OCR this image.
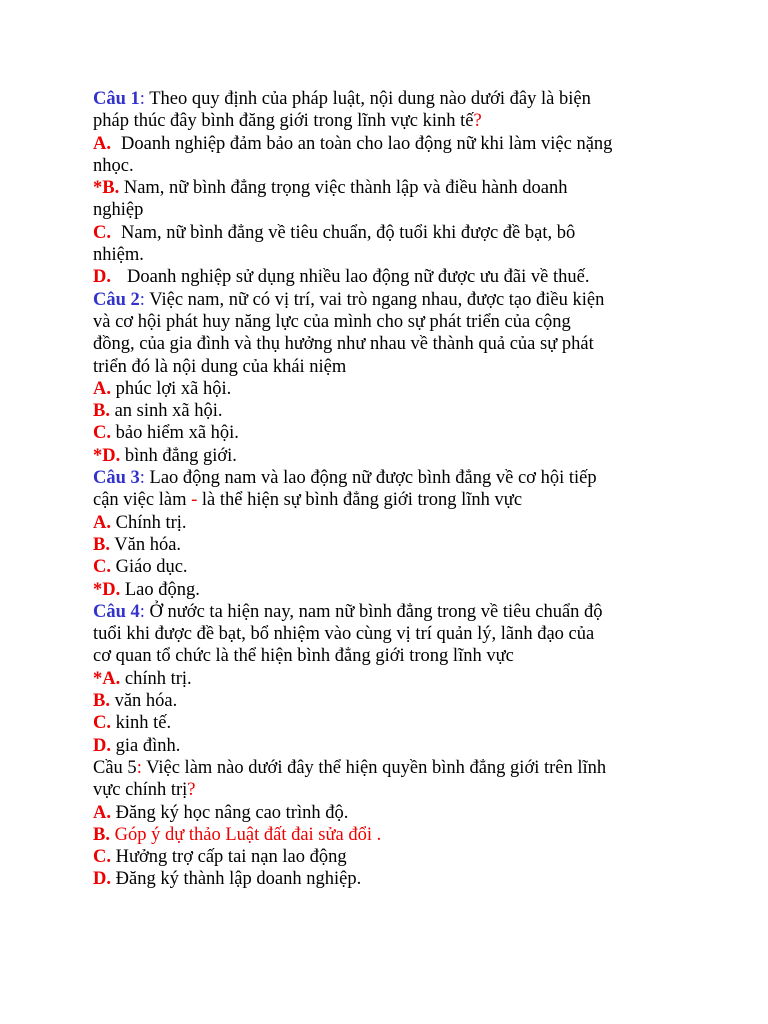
Câu 1: Theo quy định của pháp luật, nội dung nào dưới đây là biện
pháp thúc đây bình đăng giới trong lĩnh vực kinh tế?
A. Doanh nghiệp đảm bảo an toàn cho lao động nữ khi làm việc nặng
nhọc.
*B. Nam, nữ bình đẳng trọng việc thành lập và điều hành doanh
nghiệp
C. Nam, nữ bình đẳng về tiêu chuẩn, độ tuổi khi được đề bạt, bô
nhiệm.
D. Doanh nghiệp sử dụng nhiều lao động nữ được ưu đãi về thuế.
Câu 2: Việc nam, nữ có vị trí, vai trò ngang nhau, được tạo điều kiện
và cơ hội phát huy năng lực của mình cho sự phát triển của cộng
đồng, của gia đình và thụ hưởng như nhau về thành quả của sự phát
triển đó là nội dung của khái niệm
A. phúc lợi xã hội.
B. an sinh xã hội.
C. bảo hiểm xã hội.
*D. bình đẳng giới.
Câu 3: Lao động nam và lao động nữ được bình đẳng về cơ hội tiếp
cận việc làm - là thể hiện sự bình đẳng giới trong lĩnh vực
A. Chính trị.
B. Văn hóa.
C. Giáo dục.
*D. Lao động.
Câu 4: Ở nước ta hiện nay, nam nữ bình đẳng trong về tiêu chuẩn độ
tuổi khi được đề bạt, bổ nhiệm vào cùng vị trí quản lý, lãnh đạo của
cơ quan tổ chức là thể hiện bình đẳng giới trong lĩnh vực
*A. chính trị.
B. văn hóa.
C. kinh tế.
D. gia đình.
Cầu 5: Việc làm nào dưới đây thể hiện quyền bình đẳng giới trên lĩnh
vực chính trị?
A. Đăng ký học nâng cao trình độ.
B. Góp ý dự thảo Luật đất đai sửa đổi .
C. Hưởng trợ cấp tai nạn lao động
D. Đăng ký thành lập doanh nghiệp.
